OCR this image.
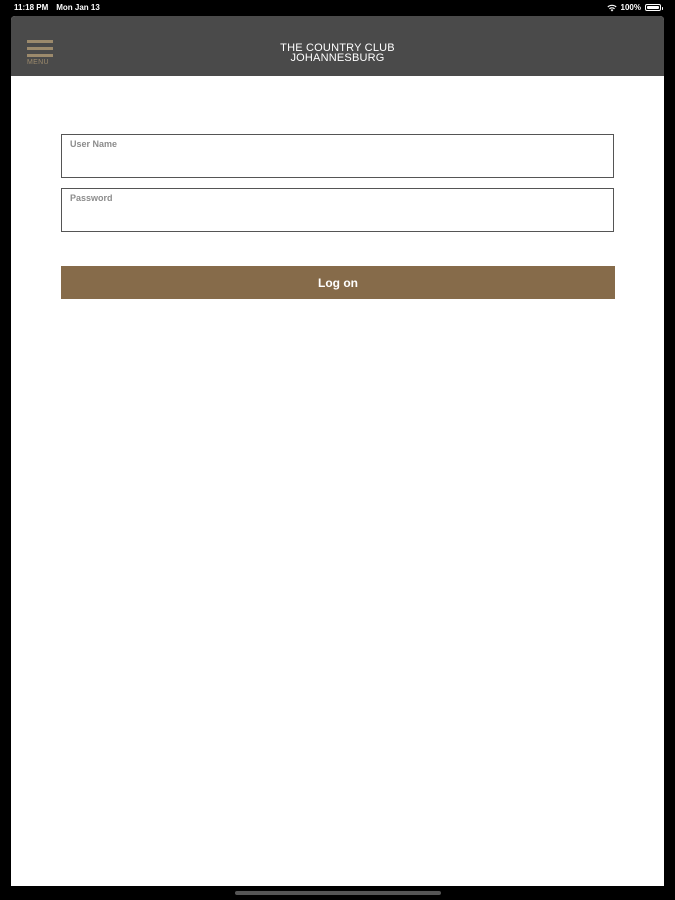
11:18 PM Mon Jan 13	100%
MENU
THE COUNTRY CLUB
JOHANNESBURG
User Name
Password
Log on
